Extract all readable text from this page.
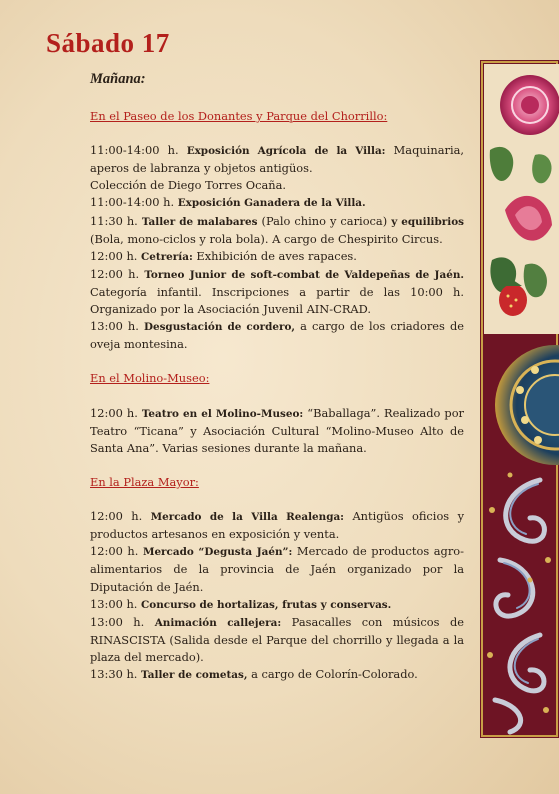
Sábado 17
Mañana:

En el Paseo de los Donantes y Parque del Chorrillo:

11:00-14:00 h. Exposición Agrícola de la Villa: Maquinaria, aperos de labranza y objetos antigüos.

Colección de Diego Torres Ocaña.

11:00-14:00 h. Exposición Ganadera de la Villa.

11:30 h. Taller de malabares (Palo chino y carioca) y equilibrios (Bola, mono-ciclos y rola bola). A cargo de Chespirito Circus.

12:00 h. Cetrería: Exhibición de aves rapaces.

12:00 h. Torneo Junior de soft-combat de Valdepeñas de Jaén. Categoría infantil. Inscripciones a partir de las 10:00 h. Organizado por la Asociación Juvenil AIN-CRAD.

13:00 h. Desgustación de cordero, a cargo de los criadores de oveja montesina.

En el Molino-Museo:

12:00 h. Teatro en el Molino-Museo: “Baballaga”. Realizado por Teatro “Ticana” y Asociación Cultural “Molino-Museo Alto de Santa Ana”. Varias sesiones durante la mañana.

En la Plaza Mayor:

12:00 h. Mercado de la Villa Realenga: Antigüos oficios y productos artesanos en exposición y venta.

12:00 h. Mercado “Degusta Jaén”: Mercado de productos agro-alimentarios de la provincia de Jaén organizado por la Diputación de Jaén.

13:00 h. Concurso de hortalizas, frutas y conservas.

13:00 h. Animación callejera: Pasacalles con músicos de RINASCISTA (Salida desde el Parque del chorrillo y llegada a la plaza del mercado).

13:30 h. Taller de cometas, a cargo de Colorín-Colorado.
